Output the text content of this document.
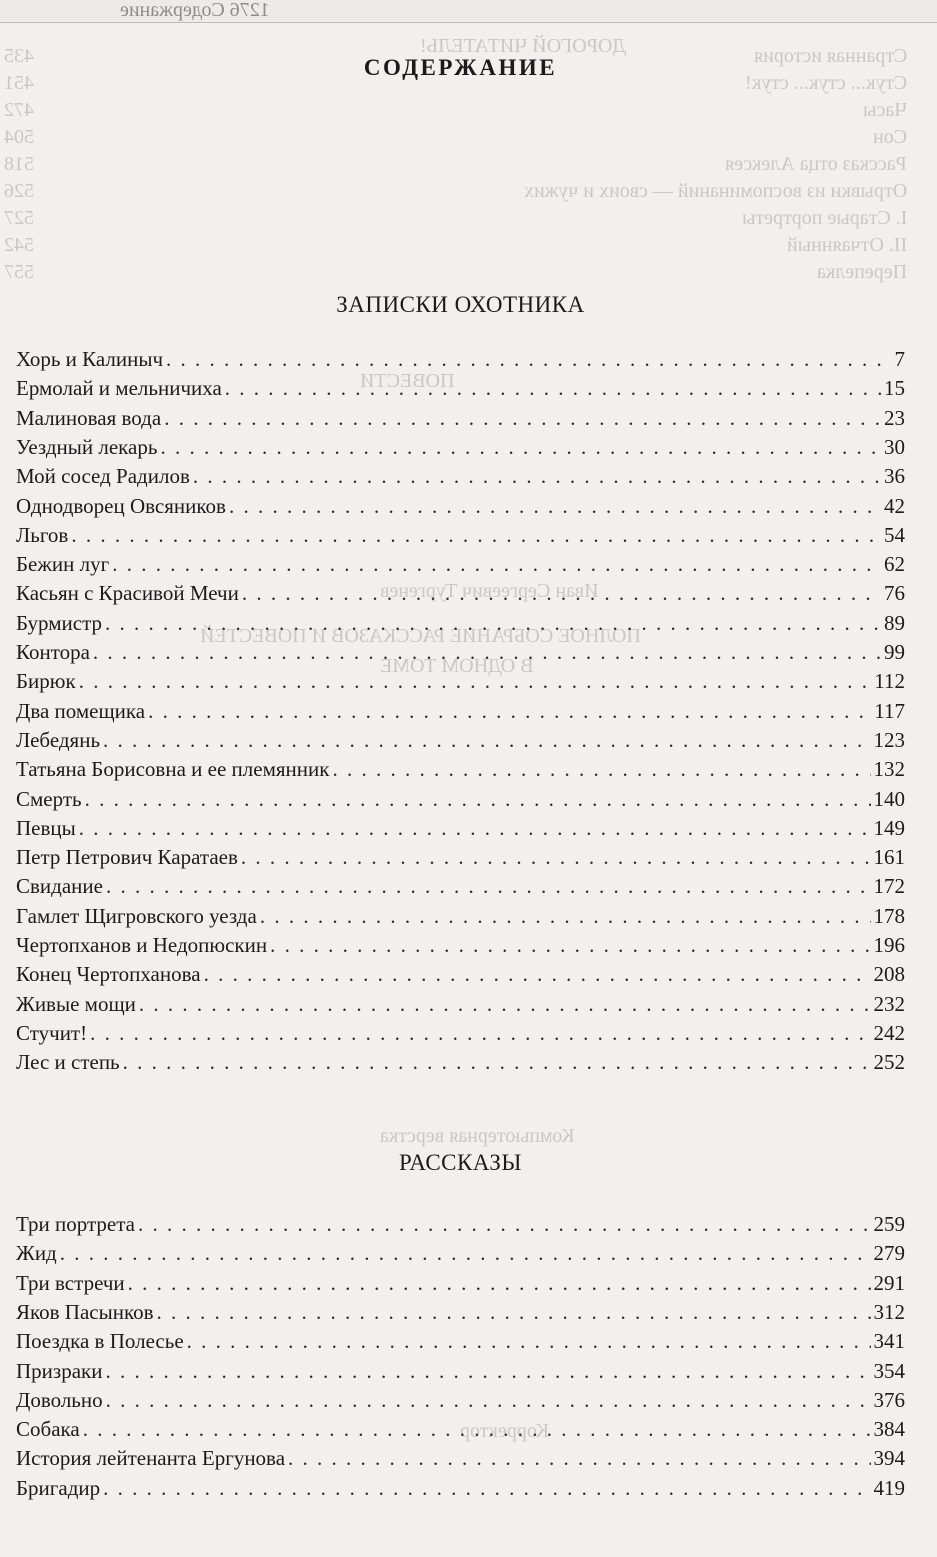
1276 Содержание
Странная история
435
Стук... стук... стук!
451
Часы
472
Сон
504
Рассказ отца Алексея
518
Отрывки из воспоминаний — своих и чужих
526
I. Старые портреты
527
II. Отчаянный
542
Перепелка
557
ДОРОГОЙ ЧИТАТЕЛЬ!
ПОВЕСТИ
Иван Сергеевич Тургенев
ПОЛНОЕ СОБРАНИЕ РАССКАЗОВ И ПОВЕСТЕЙ
В ОДНОМ ТОМЕ
Компьютерная верстка
Корректор
СОДЕРЖАНИЕ
ЗАПИСКИ ОХОТНИКА
Хорь и Калиныч . . .	7
Ермолай и мельничиха . . .	15
Малиновая вода . . .	23
Уездный лекарь . . .	30
Мой сосед Радилов . . .	36
Однодворец Овсяников . . .	42
Льгов . . .	54
Бежин луг . . .	62
Касьян с Красивой Мечи . . .	76
Бурмистр . . .	89
Контора . . .	99
Бирюк . . .	112
Два помещика . . .	117
Лебедянь . . .	123
Татьяна Борисовна и ее племянник . . .	132
Смерть . . .	140
Певцы . . .	149
Петр Петрович Каратаев . . .	161
Свидание . . .	172
Гамлет Щигровского уезда . . .	178
Чертопханов и Недопюскин . . .	196
Конец Чертопханова . . .	208
Живые мощи . . .	232
Стучит! . . .	242
Лес и степь . . .	252
РАССКАЗЫ
Три портрета . . .	259
Жид . . .	279
Три встречи . . .	291
Яков Пасынков . . .	312
Поездка в Полесье . . .	341
Призраки . . .	354
Довольно . . .	376
Собака . . .	384
История лейтенанта Ергунова . . .	394
Бригадир . . .	419
